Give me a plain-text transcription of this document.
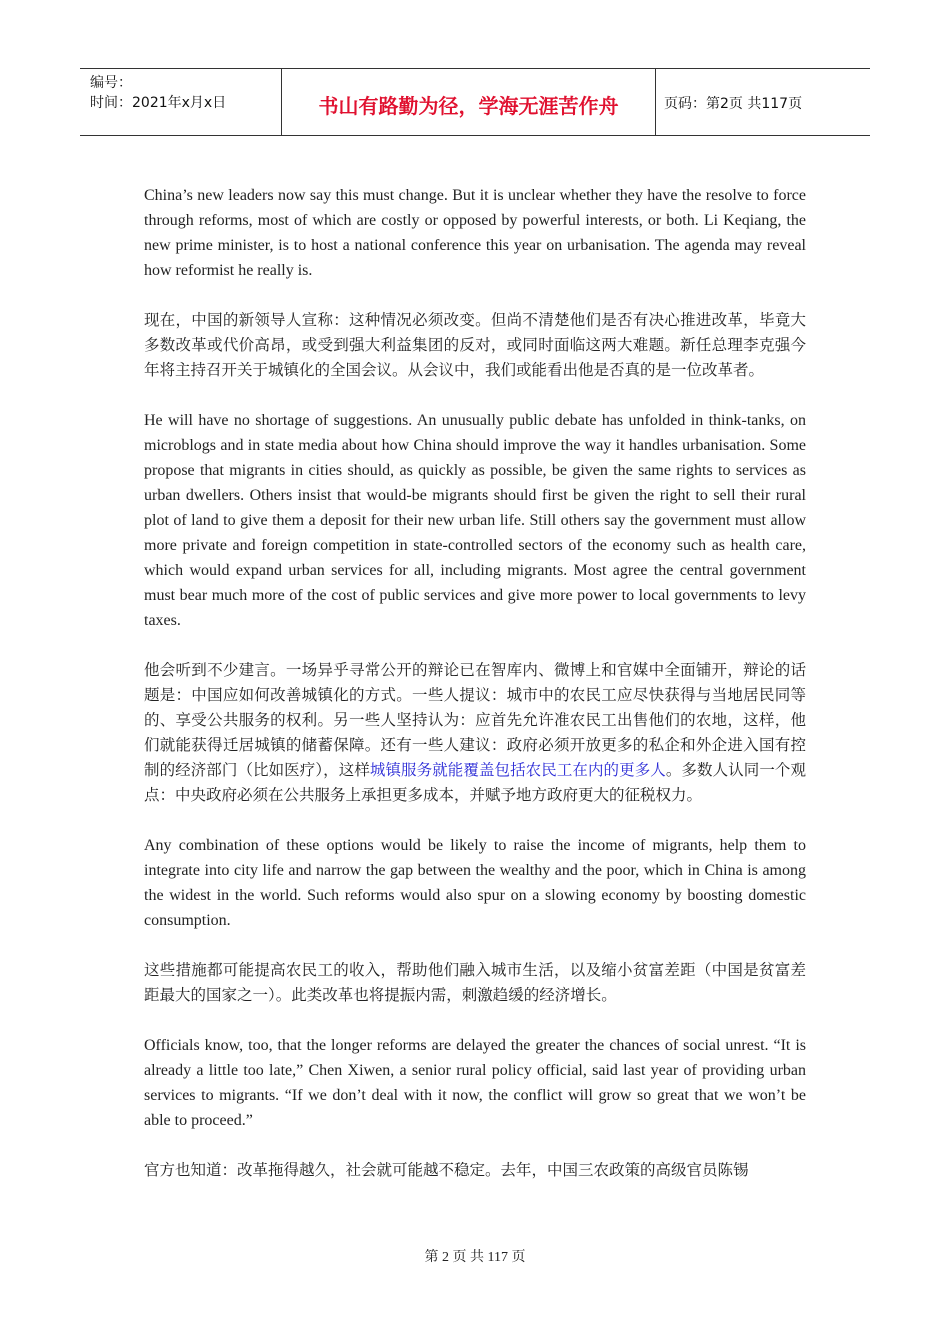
编号：
时间：2021年x月x日	书山有路勤为径，学海无涯苦作舟	页码：第2页 共117页

China’s new leaders now say this must change. But it is unclear whether they have the resolve to force through reforms, most of which are costly or opposed by powerful interests, or both. Li Keqiang, the new prime minister, is to host a national conference this year on urbanisation. The agenda may reveal how reformist he really is.

现在，中国的新领导人宣称：这种情况必须改变。但尚不清楚他们是否有决心推进改革，毕竟大多数改革或代价高昂，或受到强大利益集团的反对，或同时面临这两大难题。新任总理李克强今年将主持召开关于城镇化的全国会议。从会议中，我们或能看出他是否真的是一位改革者。

He will have no shortage of suggestions. An unusually public debate has unfolded in think-tanks, on microblogs and in state media about how China should improve the way it handles urbanisation. Some propose that migrants in cities should, as quickly as possible, be given the same rights to services as urban dwellers. Others insist that would-be migrants should first be given the right to sell their rural plot of land to give them a deposit for their new urban life. Still others say the government must allow more private and foreign competition in state-controlled sectors of the economy such as health care, which would expand urban services for all, including migrants. Most agree the central government must bear much more of the cost of public services and give more power to local governments to levy taxes.

他会听到不少建言。一场异乎寻常公开的辩论已在智库内、微博上和官媒中全面铺开，辩论的话题是：中国应如何改善城镇化的方式。一些人提议：城市中的农民工应尽快获得与当地居民同等的、享受公共服务的权利。另一些人坚持认为：应首先允许准农民工出售他们的农地，这样，他们就能获得迁居城镇的储蓄保障。还有一些人建议：政府必须开放更多的私企和外企进入国有控制的经济部门（比如医疗），这样城镇服务就能覆盖包括农民工在内的更多人。多数人认同一个观点：中央政府必须在公共服务上承担更多成本，并赋予地方政府更大的征税权力。

Any combination of these options would be likely to raise the income of migrants, help them to integrate into city life and narrow the gap between the wealthy and the poor, which in China is among the widest in the world. Such reforms would also spur on a slowing economy by boosting domestic consumption.

这些措施都可能提高农民工的收入，帮助他们融入城市生活，以及缩小贫富差距（中国是贫富差距最大的国家之一）。此类改革也将提振内需，刺激趋缓的经济增长。

Officials know, too, that the longer reforms are delayed the greater the chances of social unrest. “It is already a little too late,” Chen Xiwen, a senior rural policy official, said last year of providing urban services to migrants. “If we don’t deal with it now, the conflict will grow so great that we won’t be able to proceed.”

官方也知道：改革拖得越久，社会就可能越不稳定。去年，中国三农政策的高级官员陈锡

第 2 页 共 117 页
